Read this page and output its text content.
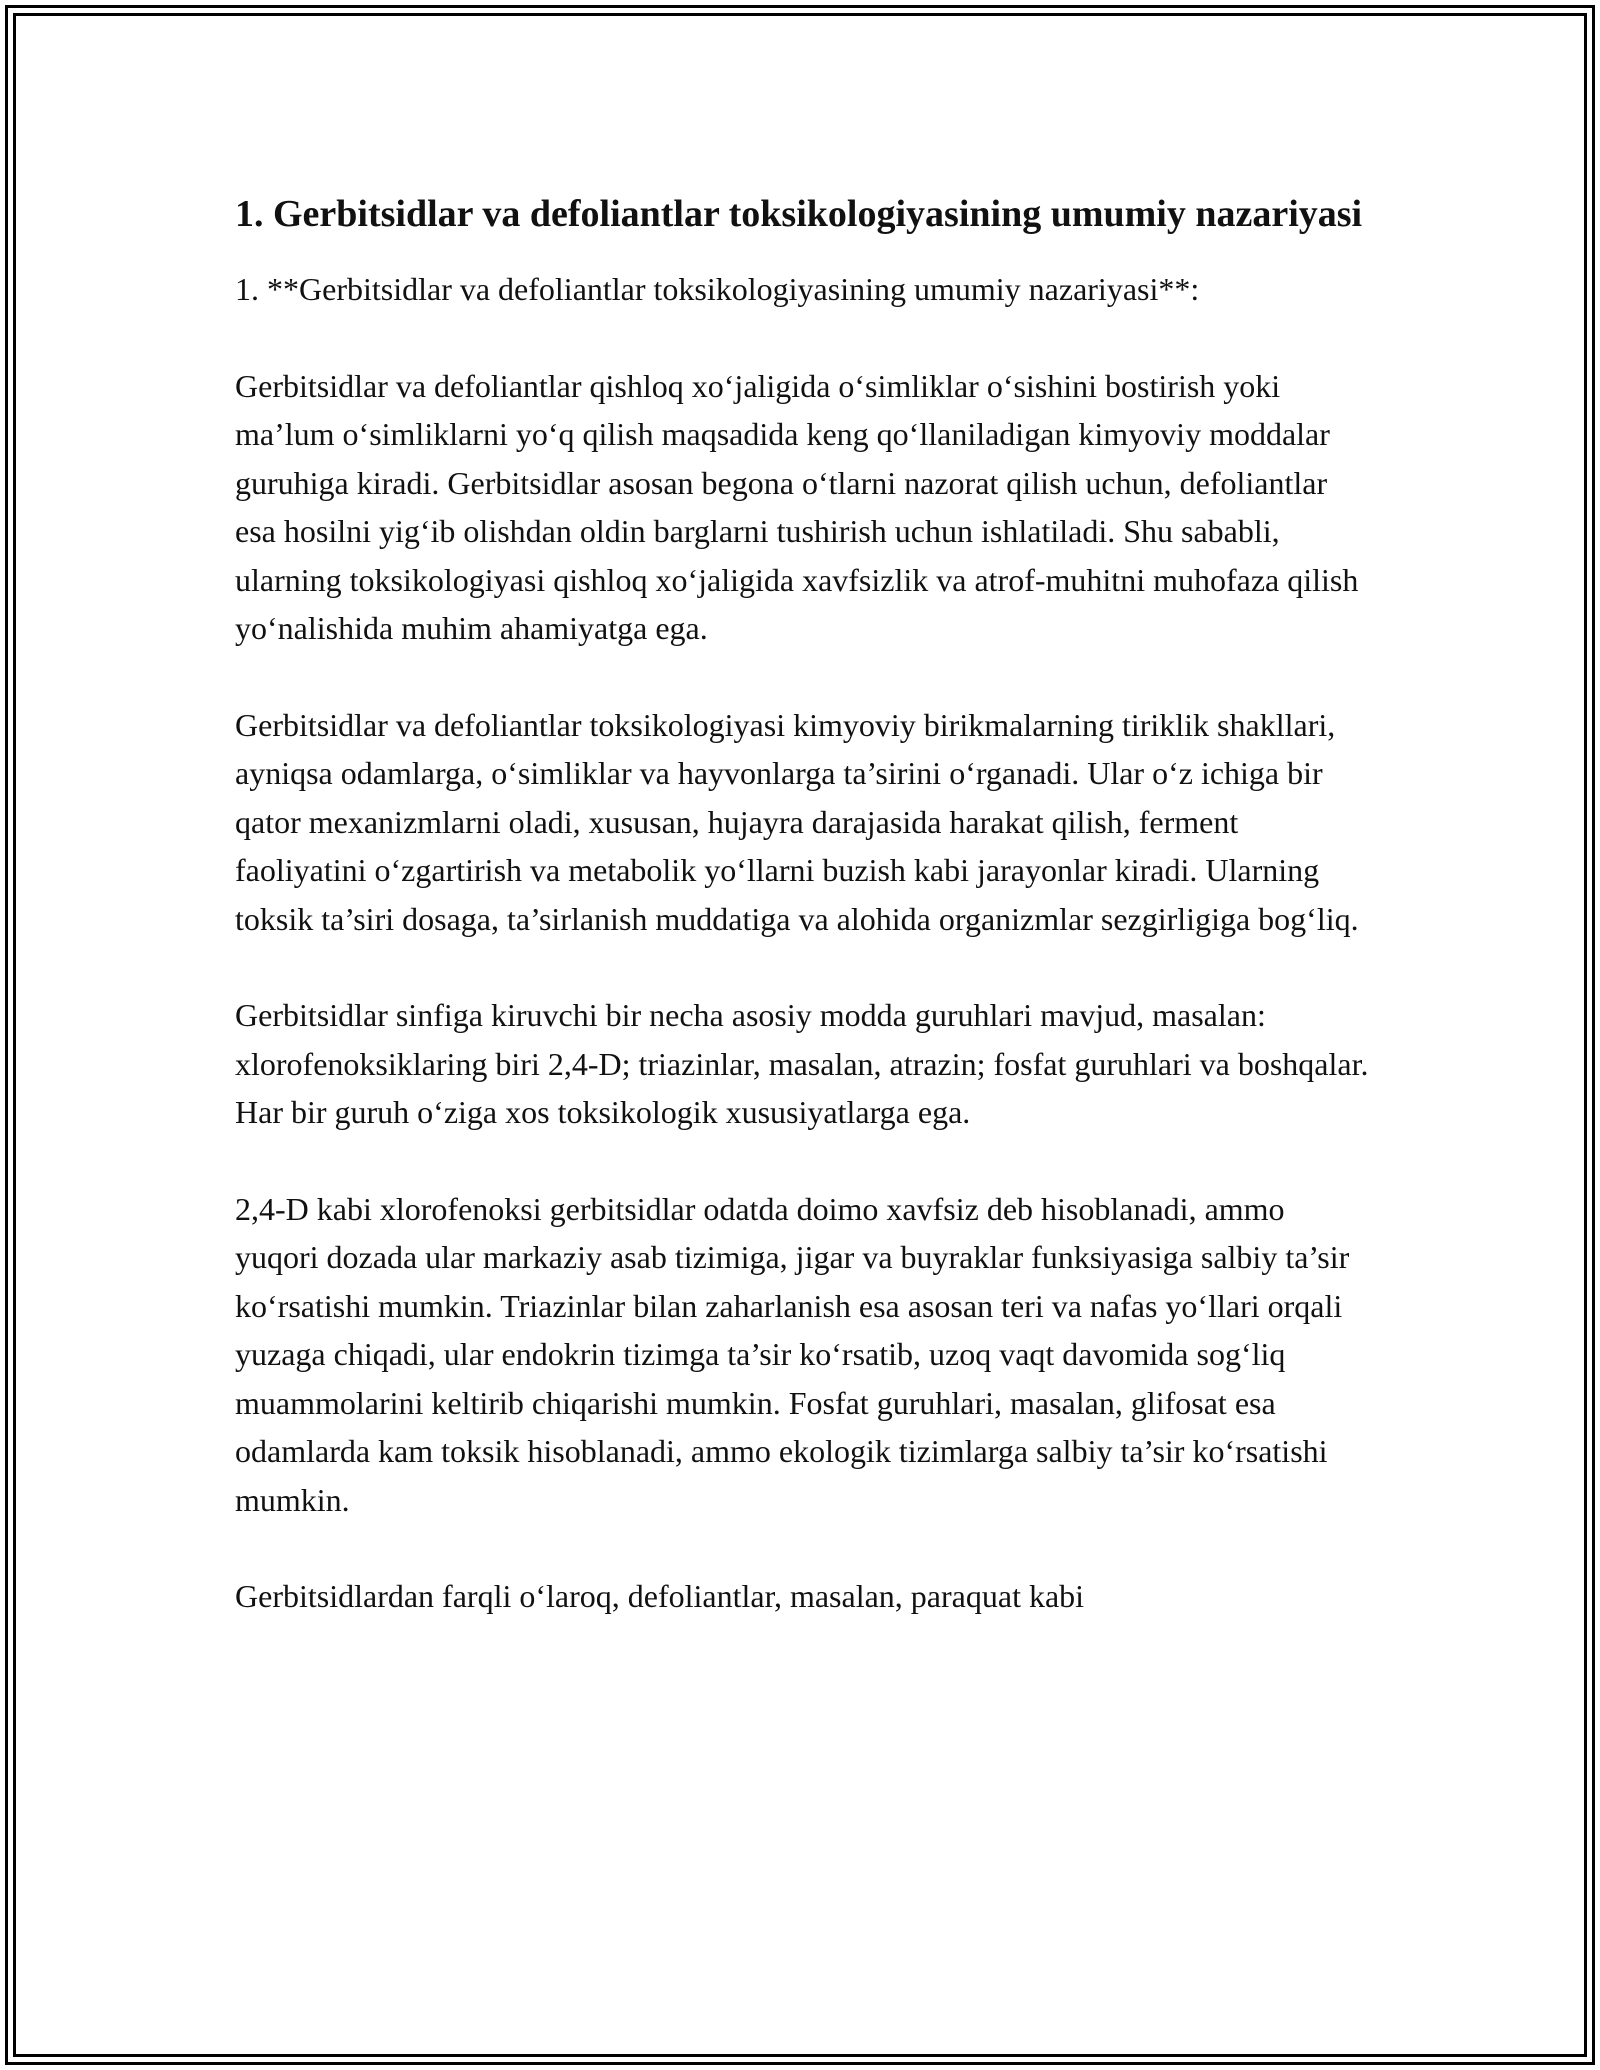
1. Gerbitsidlar va defoliantlar toksikologiyasining umumiy nazariyasi

1. **Gerbitsidlar va defoliantlar toksikologiyasining umumiy nazariyasi**:

Gerbitsidlar va defoliantlar qishloq xo‘jaligida o‘simliklar o‘sishini bostirish yoki ma’lum o‘simliklarni yo‘q qilish maqsadida keng qo‘llaniladigan kimyoviy moddalar guruhiga kiradi. Gerbitsidlar asosan begona o‘tlarni nazorat qilish uchun, defoliantlar esa hosilni yig‘ib olishdan oldin barglarni tushirish uchun ishlatiladi. Shu sababli, ularning toksikologiyasi qishloq xo‘jaligida xavfsizlik va atrof-muhitni muhofaza qilish yo‘nalishida muhim ahamiyatga ega.

Gerbitsidlar va defoliantlar toksikologiyasi kimyoviy birikmalarning tiriklik shakllari, ayniqsa odamlarga, o‘simliklar va hayvonlarga ta’sirini o‘rganadi. Ular o‘z ichiga bir qator mexanizmlarni oladi, xususan, hujayra darajasida harakat qilish, ferment faoliyatini o‘zgartirish va metabolik yo‘llarni buzish kabi jarayonlar kiradi. Ularning toksik ta’siri dosaga, ta’sirlanish muddatiga va alohida organizmlar sezgirligiga bog‘liq.

Gerbitsidlar sinfiga kiruvchi bir necha asosiy modda guruhlari mavjud, masalan: xlorofenoksiklaring biri 2,4-D; triazinlar, masalan, atrazin; fosfat guruhlari va boshqalar. Har bir guruh o‘ziga xos toksikologik xususiyatlarga ega.

2,4-D kabi xlorofenoksi gerbitsidlar odatda doimo xavfsiz deb hisoblanadi, ammo yuqori dozada ular markaziy asab tizimiga, jigar va buyraklar funksiyasiga salbiy ta’sir ko‘rsatishi mumkin. Triazinlar bilan zaharlanish esa asosan teri va nafas yo‘llari orqali yuzaga chiqadi, ular endokrin tizimga ta’sir ko‘rsatib, uzoq vaqt davomida sog‘liq muammolarini keltirib chiqarishi mumkin. Fosfat guruhlari, masalan, glifosat esa odamlarda kam toksik hisoblanadi, ammo ekologik tizimlarga salbiy ta’sir ko‘rsatishi mumkin.

Gerbitsidlardan farqli o‘laroq, defoliantlar, masalan, paraquat kabi
